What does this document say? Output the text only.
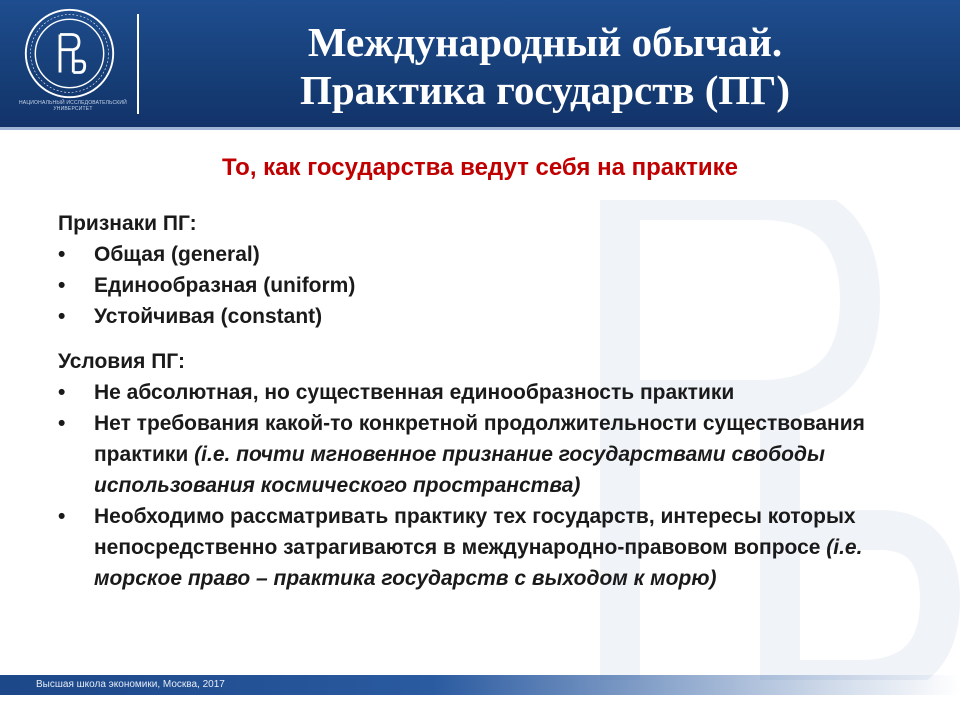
НАЦИОНАЛЬНЫЙ ИССЛЕДОВАТЕЛЬСКИЙ УНИВЕРСИТЕТ
Международный обычай.
Практика государств (ПГ)
То, как государства ведут себя на практике
Признаки ПГ:
• Общая (general)
• Единообразная (uniform)
• Устойчивая (constant)
Условия ПГ:
• Не абсолютная, но существенная единообразность практики
• Нет требования какой-то конкретной продолжительности существования практики (i.e. почти мгновенное признание государствами свободы использования космического пространства)
• Необходимо рассматривать практику тех государств, интересы которых непосредственно затрагиваются в международно-правовом вопросе (i.e. морское право – практика государств с выходом к морю)
Высшая школа экономики, Москва, 2017
